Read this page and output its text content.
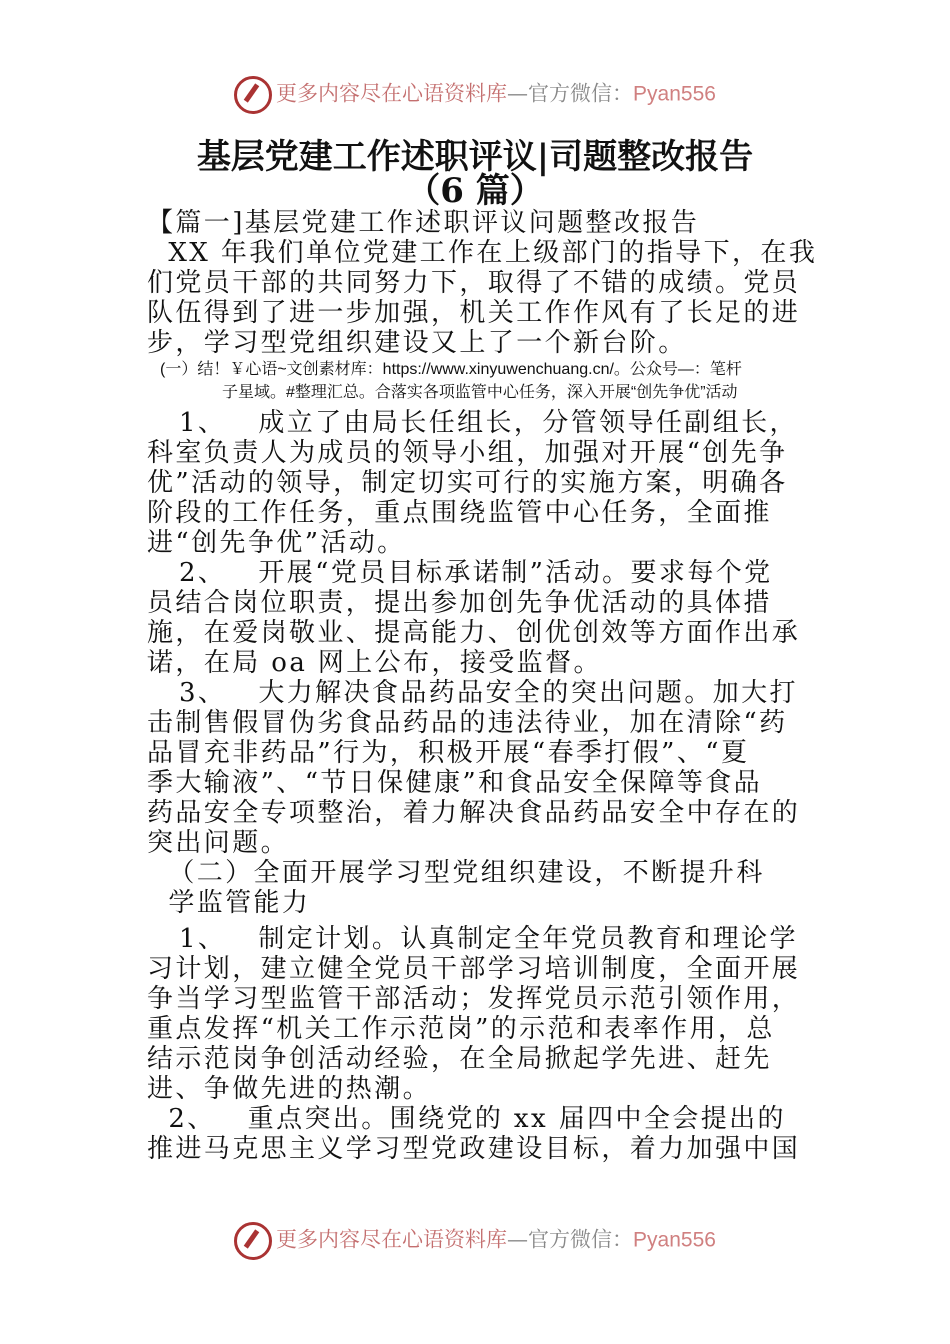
更多内容尽在心语资料库—官方微信：Pyan556
基层党建工作述职评议|司题整改报告
（6 篇）
【篇一]基层党建工作述职评议问题整改报告
XX 年我们单位党建工作在上级部门的指导下，在我
们党员干部的共同努力下，取得了不错的成绩。党员
队伍得到了进一步加强，机关工作作风有了长足的进
步，学习型党组织建设又上了一个新台阶。
(一）结！￥心语~文创素材库：https://www.xinyuwenchuang.cn/。公众号—：笔杆
子星域。#整理汇总。合落实各项监管中心任务，深入开展“创先争优”活动
1、   成立了由局长任组长，分管领导任副组长，
科室负责人为成员的领导小组，加强对开展“创先争
优”活动的领导，制定切实可行的实施方案，明确各
阶段的工作任务，重点围绕监管中心任务，全面推
进“创先争优”活动。
2、   开展“党员目标承诺制”活动。要求每个党
员结合岗位职责，提出参加创先争优活动的具体措
施，在爱岗敬业、提高能力、创优创效等方面作出承
诺，在局 oa 网上公布，接受监督。
3、   大力解决食品药品安全的突出问题。加大打
击制售假冒伪劣食品药品的违法待业，加在清除“药
品冒充非药品”行为，积极开展“春季打假”、“夏
季大输液”、“节日保健康”和食品安全保障等食品
药品安全专项整治，着力解决食品药品安全中存在的
突出问题。
（二）全面开展学习型党组织建设，不断提升科
学监管能力
1、   制定计划。认真制定全年党员教育和理论学
习计划，建立健全党员干部学习培训制度，全面开展
争当学习型监管干部活动；发挥党员示范引领作用，
重点发挥“机关工作示范岗”的示范和表率作用，总
结示范岗争创活动经验，在全局掀起学先进、赶先
进、争做先进的热潮。
2、   重点突出。围绕党的 xx 届四中全会提出的
推进马克思主义学习型党政建设目标，着力加强中国
更多内容尽在心语资料库—官方微信：Pyan556
